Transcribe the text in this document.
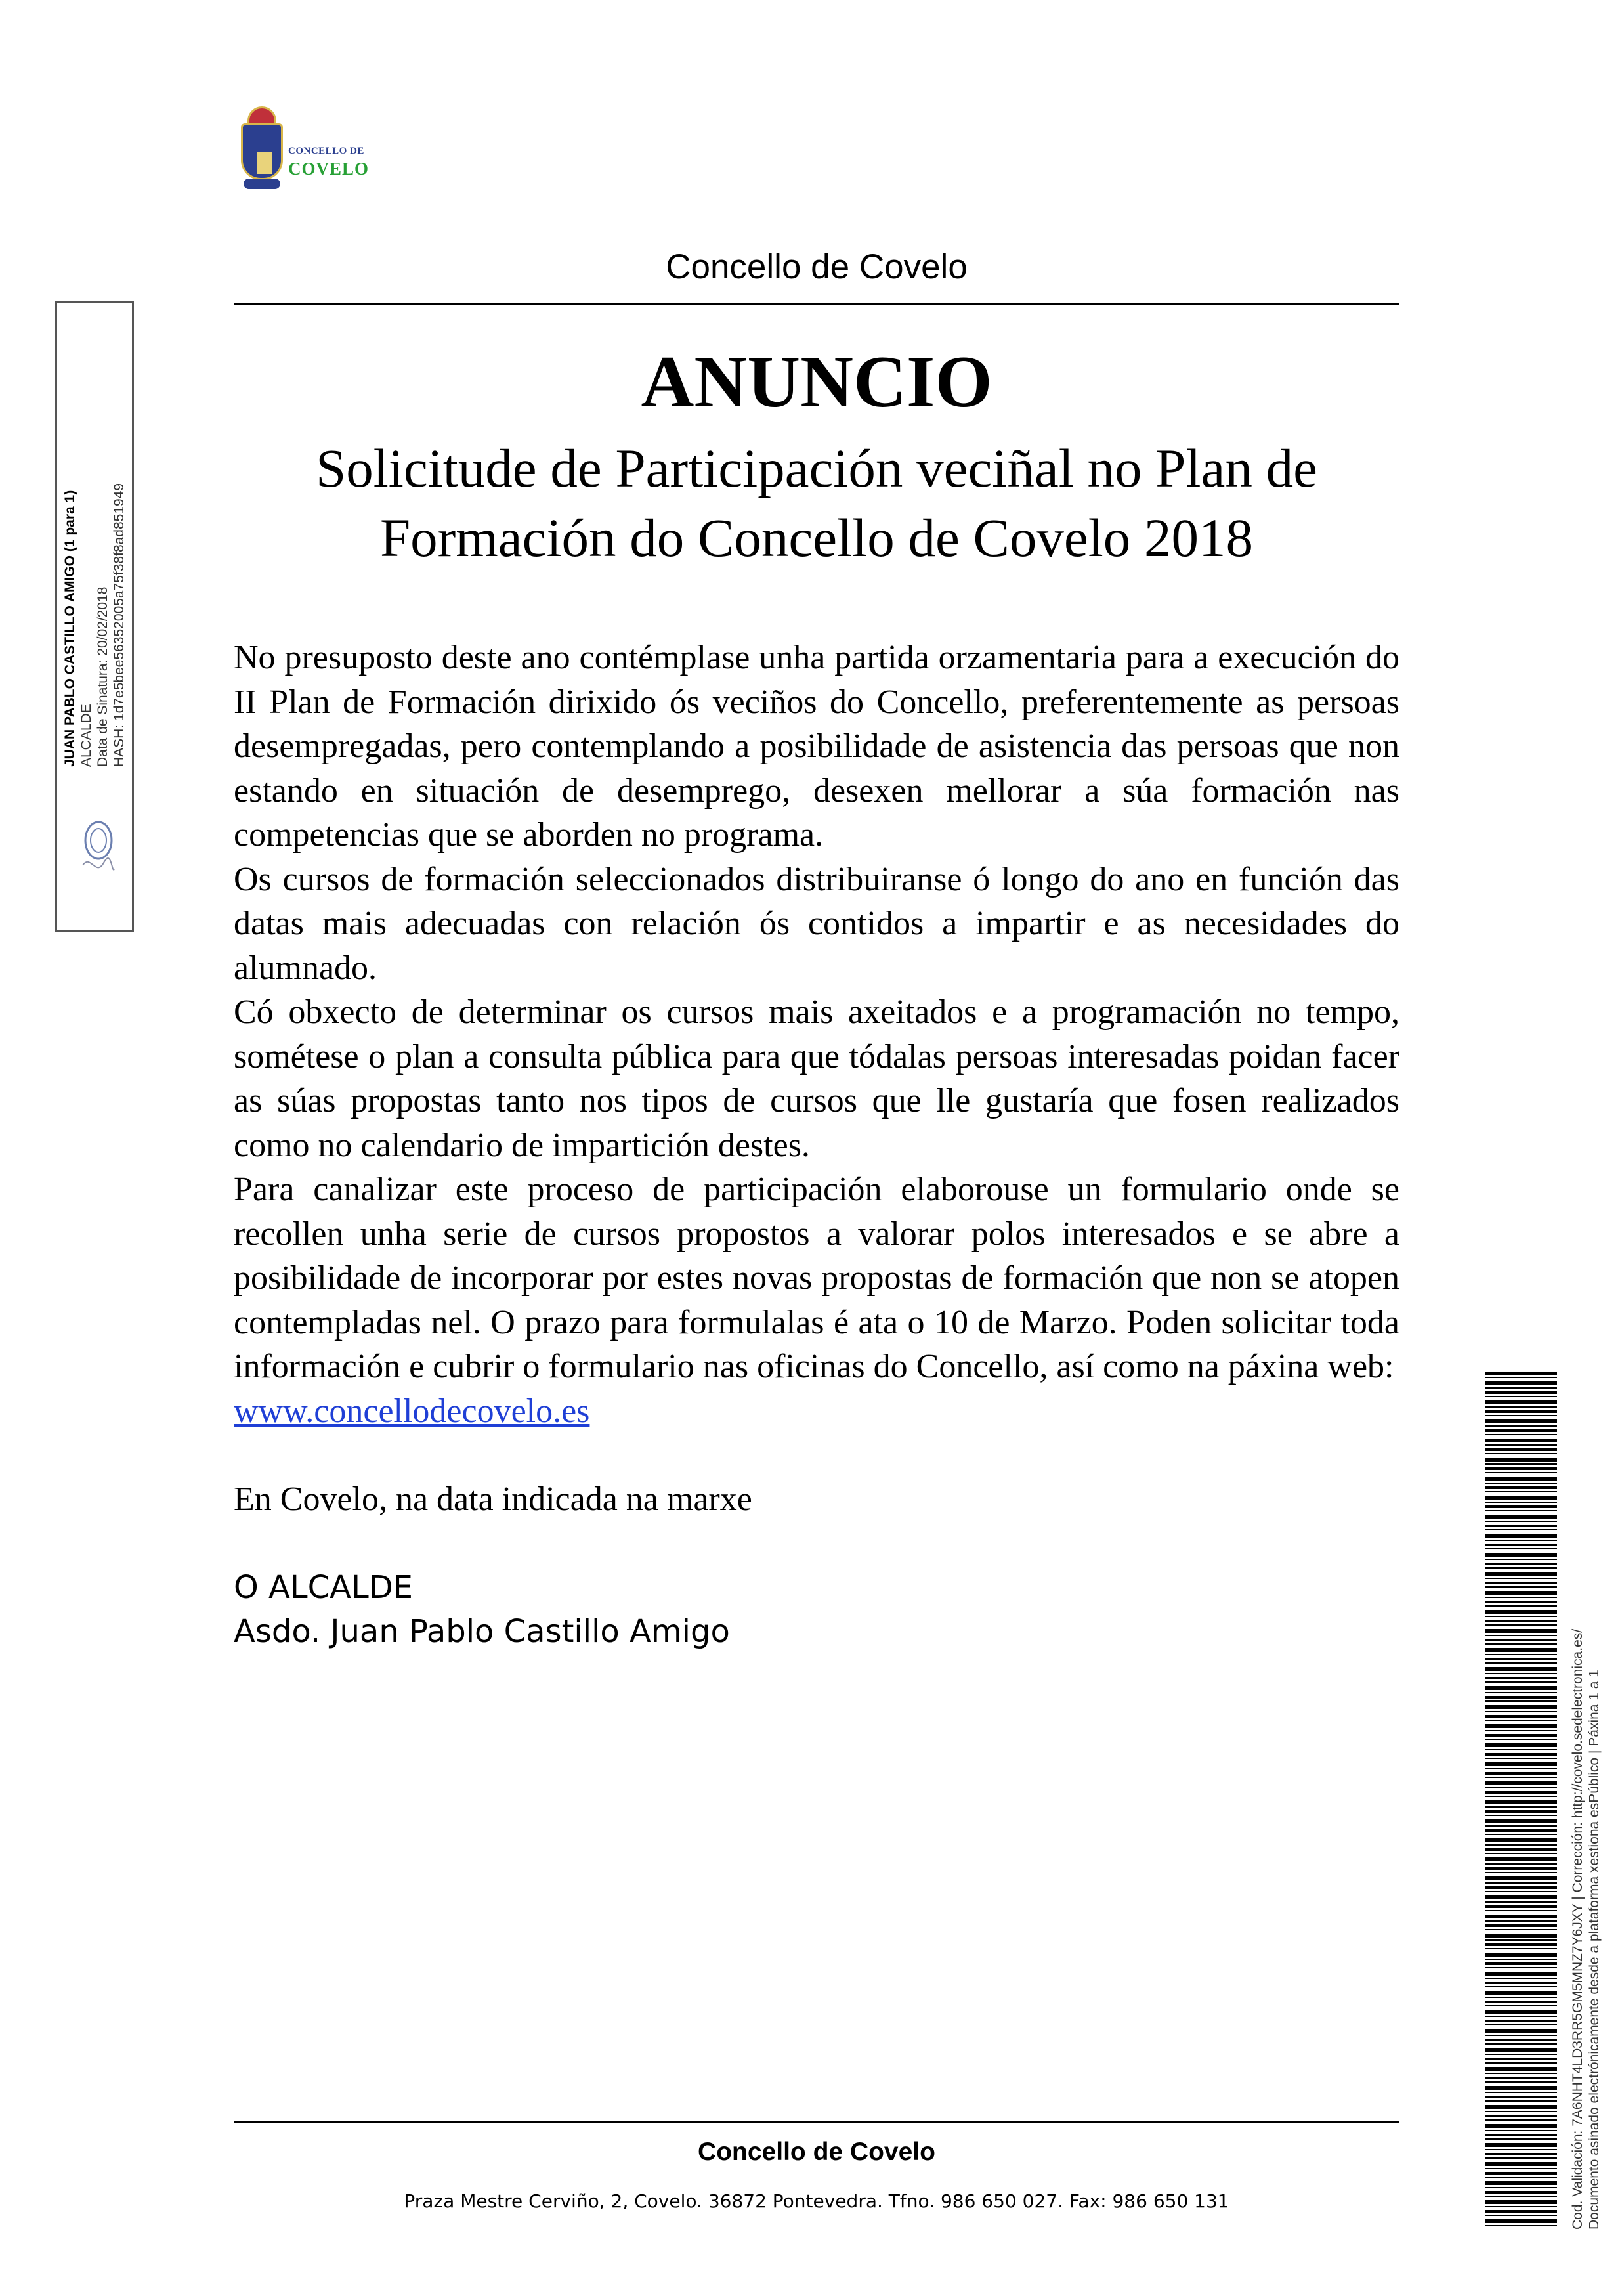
CONCELLO DE
COVELO
Concello de Covelo
ANUNCIO
Solicitude de Participación veciñal no Plan de
Formación do Concello de Covelo 2018

No presuposto deste ano contémplase unha partida orzamentaria para a execución do II Plan de Formación dirixido ós veciños do Concello, preferentemente as persoas desempregadas, pero contemplando a posibilidade de asistencia das persoas que non estando en situación de desemprego, desexen mellorar a súa formación nas competencias que se aborden no programa.

Os cursos de formación seleccionados distribuiranse ó longo do ano en función das datas mais adecuadas con relación ós contidos a impartir e as necesidades do alumnado.

Có obxecto de determinar os cursos mais axeitados e a programación no tempo, sométese o plan a consulta pública para que tódalas persoas interesadas poidan facer as súas propostas tanto nos tipos de cursos que lle gustaría que fosen realizados como no calendario de impartición destes.

Para canalizar este proceso de participación elaborouse un formulario onde se recollen unha serie de cursos propostos a valorar polos interesados e se abre a posibilidade de incorporar por estes novas propostas de formación que non se atopen contempladas nel. O prazo para formulalas é ata o 10 de Marzo. Poden solicitar toda información e cubrir o formulario nas oficinas do Concello, así como na páxina web:

www.concellodecovelo.es
En Covelo, na data indicada na marxe
O ALCALDE
Asdo. Juan Pablo Castillo Amigo
Concello de Covelo
Praza Mestre Cerviño, 2, Covelo. 36872 Pontevedra. Tfno. 986 650 027. Fax: 986 650 131
JUAN PABLO CASTILLO AMIGO (1 para 1) ALCALDE Data de Sinatura: 20/02/2018 HASH: 1d7e5bee56352005a75f38f8ad851949
Cod. Validación: 7A6NHT4LD3RR5GM5MNZ7Y6JXY | Corrección: http://covelo.sedelectronica.es/ Documento asinado electrónicamente desde a plataforma xestiona esPúblico | Páxina 1 a 1
